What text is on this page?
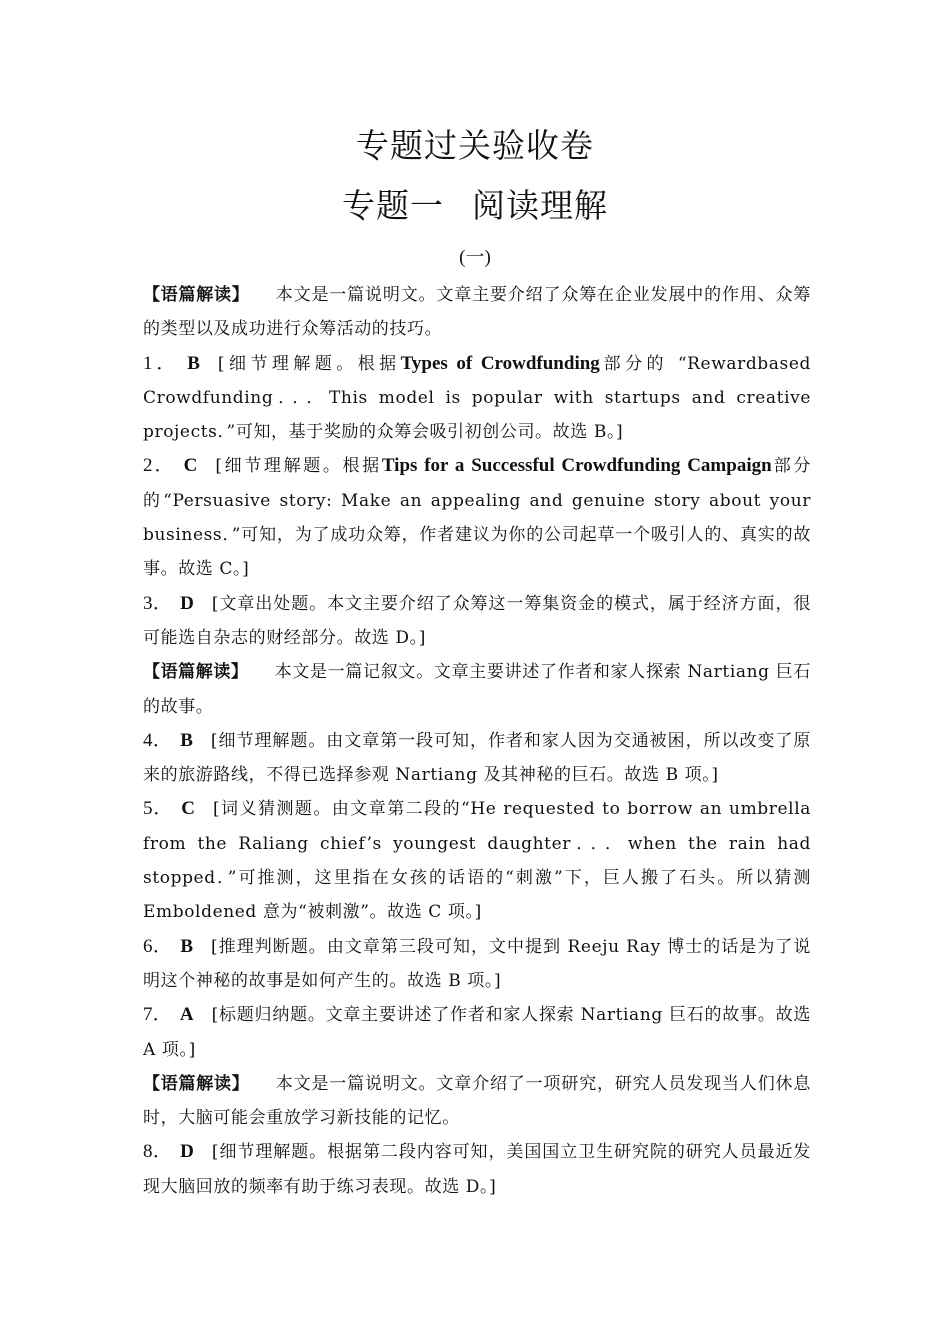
专题过关验收卷
专题一 阅读理解
(一)

【语篇解读】 本文是一篇说明文。文章主要介绍了众筹在企业发展中的作用、众筹的类型以及成功进行众筹活动的技巧。

1． B [细节理解题。根据Types of Crowdfunding部分的 “Rewardbased Crowdfunding．．．This model is popular with startups and creative projects．”可知，基于奖励的众筹会吸引初创公司。故选 B。]

2． C [细节理解题。根据Tips for a Successful Crowdfunding Campaign部分的“Persuasive story: Make an appealing and genuine story about your business．”可知，为了成功众筹，作者建议为你的公司起草一个吸引人的、真实的故事。故选 C。]

3． D [文章出处题。本文主要介绍了众筹这一筹集资金的模式，属于经济方面，很可能选自杂志的财经部分。故选 D。]

【语篇解读】 本文是一篇记叙文。文章主要讲述了作者和家人探索 Nartiang 巨石的故事。

4． B [细节理解题。由文章第一段可知，作者和家人因为交通被困，所以改变了原来的旅游路线，不得已选择参观 Nartiang 及其神秘的巨石。故选 B 项。]

5． C [词义猜测题。由文章第二段的“He requested to borrow an umbrella from the Raliang chief’s youngest daughter．．．when the rain had stopped．”可推测，这里指在女孩的话语的“刺激”下，巨人搬了石头。所以猜测 Emboldened 意为“被刺激”。故选 C 项。]

6． B [推理判断题。由文章第三段可知，文中提到 Reeju Ray 博士的话是为了说明这个神秘的故事是如何产生的。故选 B 项。]

7． A [标题归纳题。文章主要讲述了作者和家人探索 Nartiang 巨石的故事。故选 A 项。]

【语篇解读】 本文是一篇说明文。文章介绍了一项研究，研究人员发现当人们休息时，大脑可能会重放学习新技能的记忆。

8． D [细节理解题。根据第二段内容可知，美国国立卫生研究院的研究人员最近发现大脑回放的频率有助于练习表现。故选 D。]
